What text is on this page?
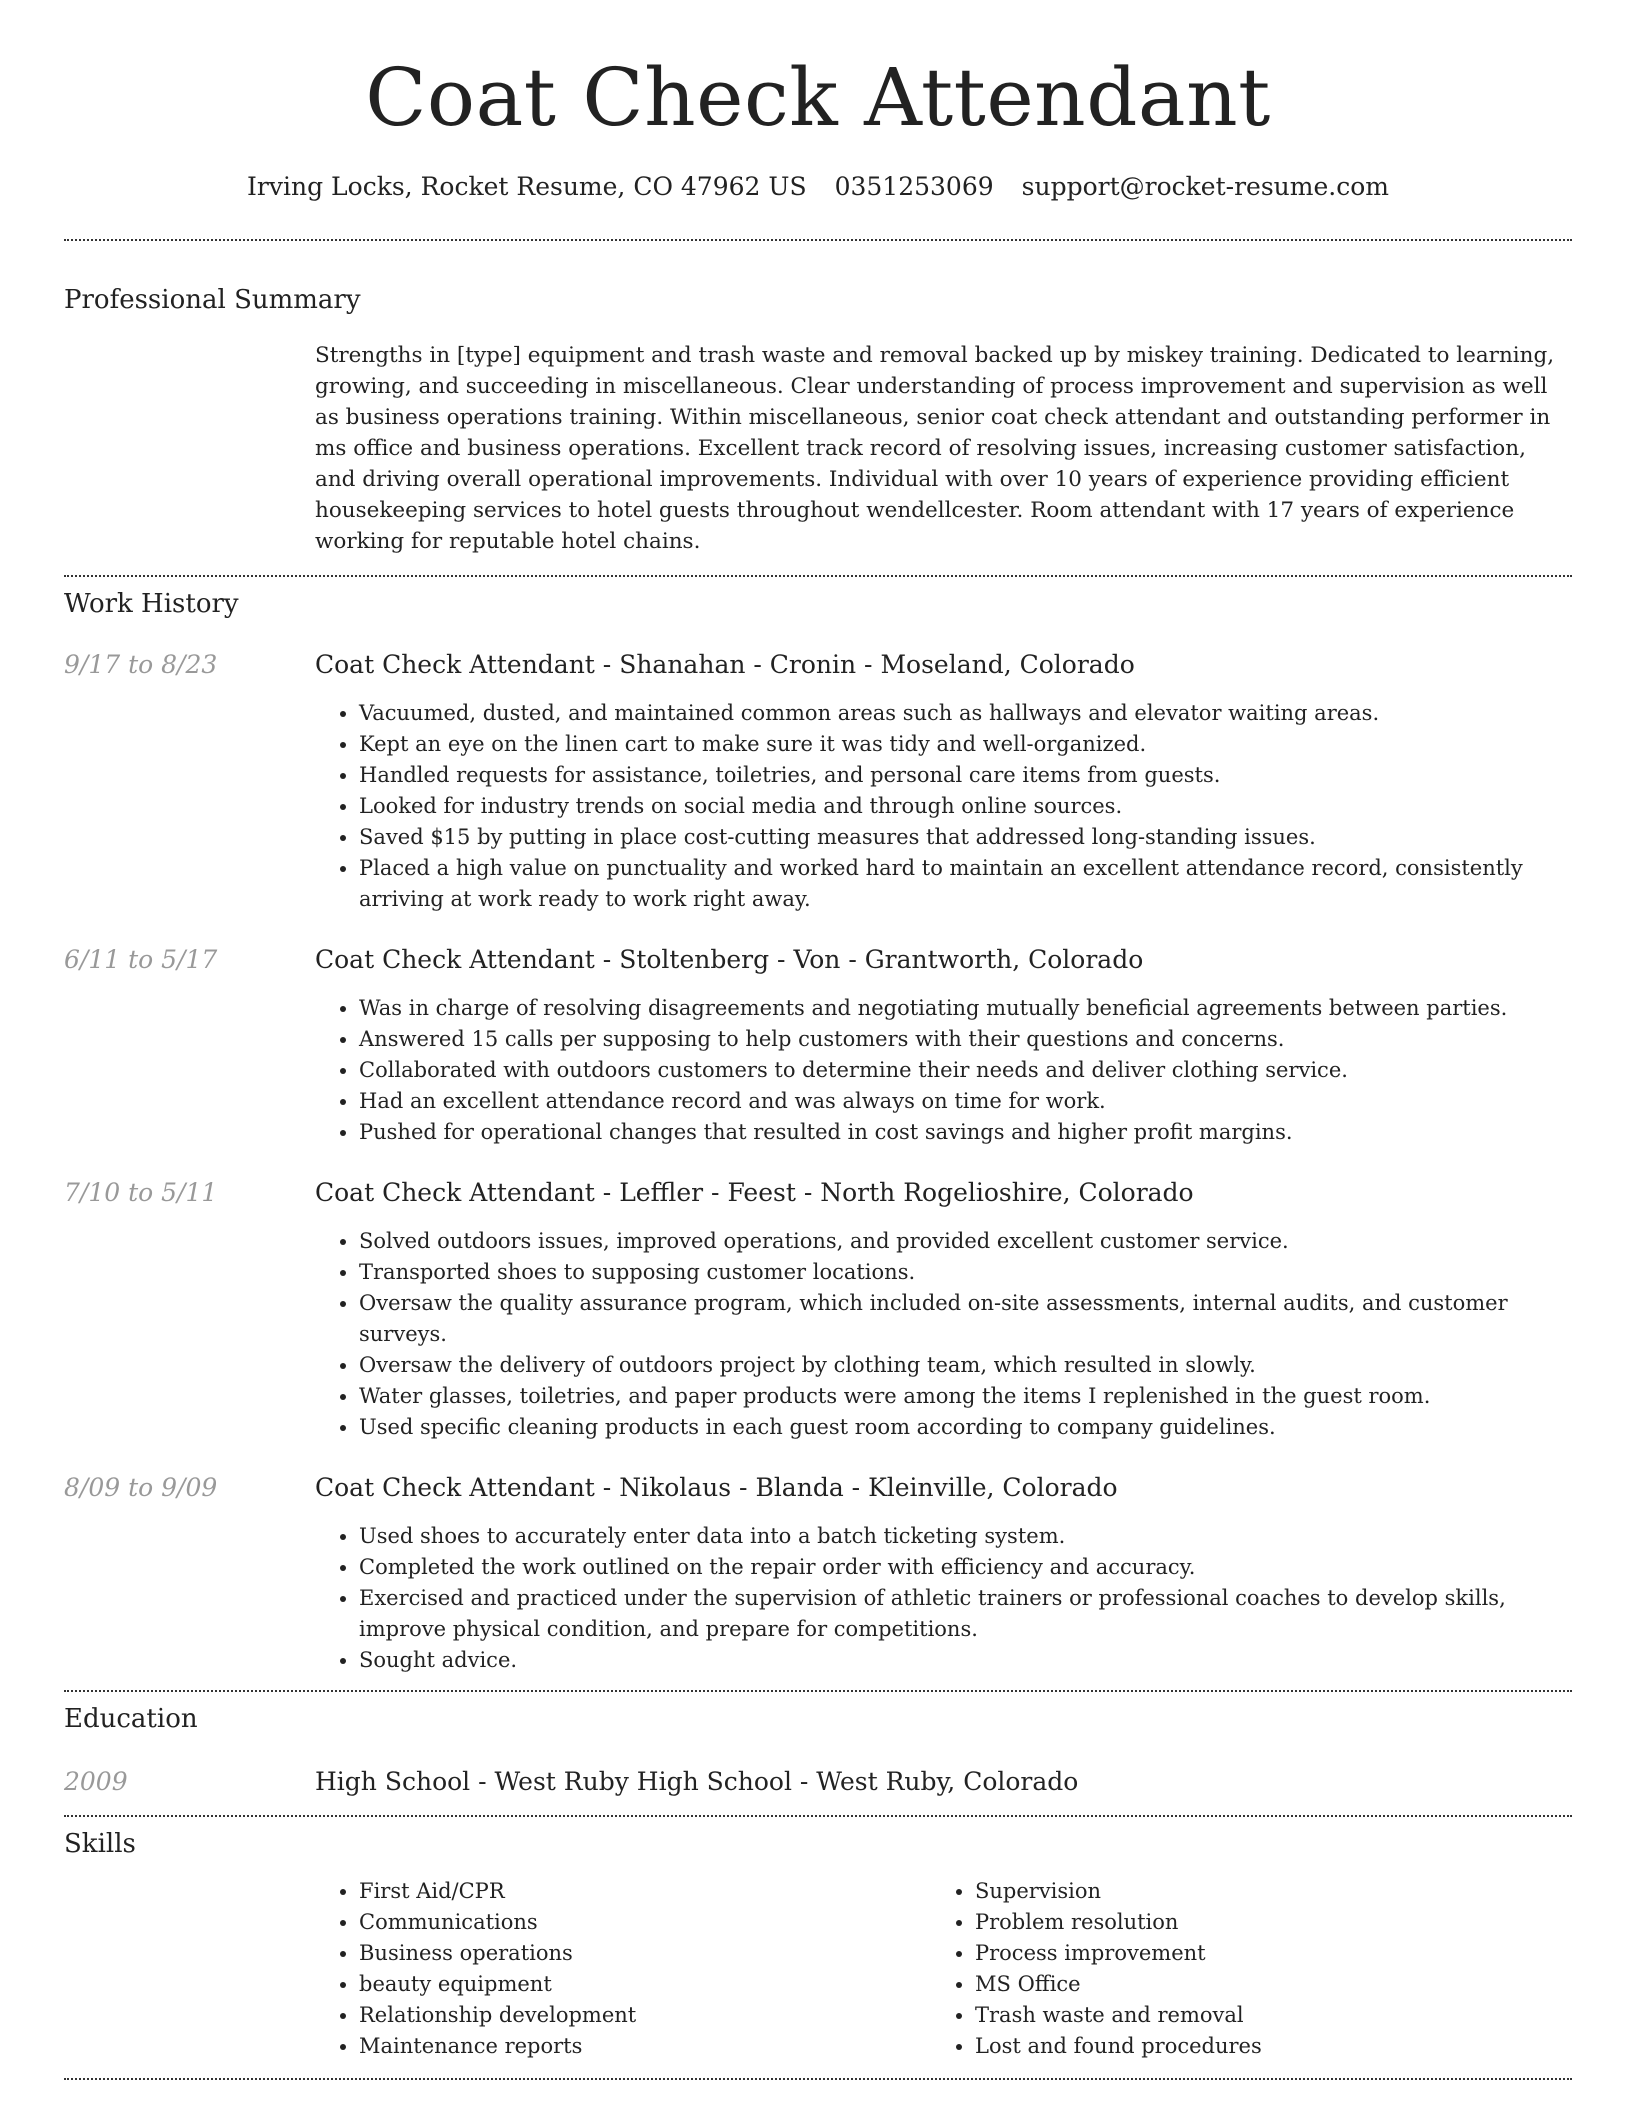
Coat Check Attendant
Irving Locks, Rocket Resume, CO 47962 US 0351253069 support@rocket-resume.com
Professional Summary
Strengths in [type] equipment and trash waste and removal backed up by miskey training. Dedicated to learning, growing, and succeeding in miscellaneous. Clear understanding of process improvement and supervision as well as business operations training. Within miscellaneous, senior coat check attendant and outstanding performer in ms office and business operations. Excellent track record of resolving issues, increasing customer satisfaction, and driving overall operational improvements. Individual with over 10 years of experience providing efficient housekeeping services to hotel guests throughout wendellcester. Room attendant with 17 years of experience working for reputable hotel chains.
Work History
9/17 to 8/23	Coat Check Attendant - Shanahan - Cronin - Moseland, Colorado
• Vacuumed, dusted, and maintained common areas such as hallways and elevator waiting areas.
• Kept an eye on the linen cart to make sure it was tidy and well-organized.
• Handled requests for assistance, toiletries, and personal care items from guests.
• Looked for industry trends on social media and through online sources.
• Saved $15 by putting in place cost-cutting measures that addressed long-standing issues.
• Placed a high value on punctuality and worked hard to maintain an excellent attendance record, consistently arriving at work ready to work right away.
6/11 to 5/17	Coat Check Attendant - Stoltenberg - Von - Grantworth, Colorado
• Was in charge of resolving disagreements and negotiating mutually beneficial agreements between parties.
• Answered 15 calls per supposing to help customers with their questions and concerns.
• Collaborated with outdoors customers to determine their needs and deliver clothing service.
• Had an excellent attendance record and was always on time for work.
• Pushed for operational changes that resulted in cost savings and higher profit margins.
7/10 to 5/11	Coat Check Attendant - Leffler - Feest - North Rogelioshire, Colorado
• Solved outdoors issues, improved operations, and provided excellent customer service.
• Transported shoes to supposing customer locations.
• Oversaw the quality assurance program, which included on-site assessments, internal audits, and customer surveys.
• Oversaw the delivery of outdoors project by clothing team, which resulted in slowly.
• Water glasses, toiletries, and paper products were among the items I replenished in the guest room.
• Used specific cleaning products in each guest room according to company guidelines.
8/09 to 9/09	Coat Check Attendant - Nikolaus - Blanda - Kleinville, Colorado
• Used shoes to accurately enter data into a batch ticketing system.
• Completed the work outlined on the repair order with efficiency and accuracy.
• Exercised and practiced under the supervision of athletic trainers or professional coaches to develop skills, improve physical condition, and prepare for competitions.
• Sought advice.
Education
2009	High School - West Ruby High School - West Ruby, Colorado
Skills
• First Aid/CPR
• Communications
• Business operations
• beauty equipment
• Relationship development
• Maintenance reports
• Supervision
• Problem resolution
• Process improvement
• MS Office
• Trash waste and removal
• Lost and found procedures
